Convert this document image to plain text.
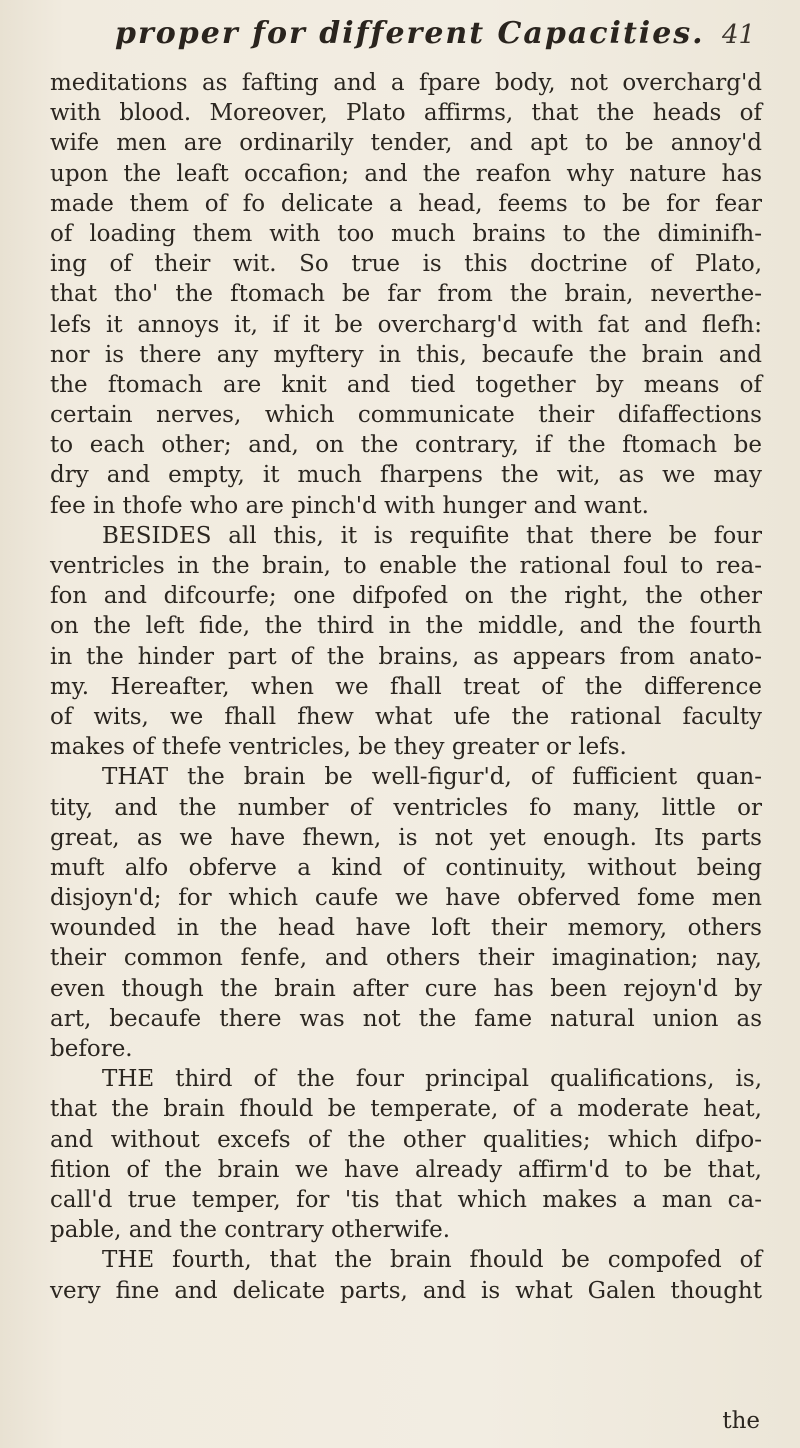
proper for different Capacities. 41
meditations as fafting and a fpare body, not overcharg'd
with blood. Moreover, Plato affirms, that the heads of
wife men are ordinarily tender, and apt to be annoy'd
upon the leaft occafion; and the reafon why nature has
made them of fo delicate a head, feems to be for fear
of loading them with too much brains to the diminifh-
ing of their wit. So true is this doctrine of Plato,
that tho' the ftomach be far from the brain, neverthe-
lefs it annoys it, if it be overcharg'd with fat and flefh:
nor is there any myftery in this, becaufe the brain and
the ftomach are knit and tied together by means of
certain nerves, which communicate their difaffections
to each other; and, on the contrary, if the ftomach be
dry and empty, it much fharpens the wit, as we may
fee in thofe who are pinch'd with hunger and want.
BESIDES all this, it is requifite that there be four
ventricles in the brain, to enable the rational foul to rea-
fon and difcourfe; one difpofed on the right, the other
on the left fide, the third in the middle, and the fourth
in the hinder part of the brains, as appears from anato-
my. Hereafter, when we fhall treat of the difference
of wits, we fhall fhew what ufe the rational faculty
makes of thefe ventricles, be they greater or lefs.
THAT the brain be well-figur'd, of fufficient quan-
tity, and the number of ventricles fo many, little or
great, as we have fhewn, is not yet enough. Its parts
muft alfo obferve a kind of continuity, without being
disjoyn'd; for which caufe we have obferved fome men
wounded in the head have loft their memory, others
their common fenfe, and others their imagination; nay,
even though the brain after cure has been rejoyn'd by
art, becaufe there was not the fame natural union as
before.
THE third of the four principal qualifications, is,
that the brain fhould be temperate, of a moderate heat,
and without excefs of the other qualities; which difpo-
fition of the brain we have already affirm'd to be that,
call'd true temper, for 'tis that which makes a man ca-
pable, and the contrary otherwife.
THE fourth, that the brain fhould be compofed of
very fine and delicate parts, and is what Galen thought
the
